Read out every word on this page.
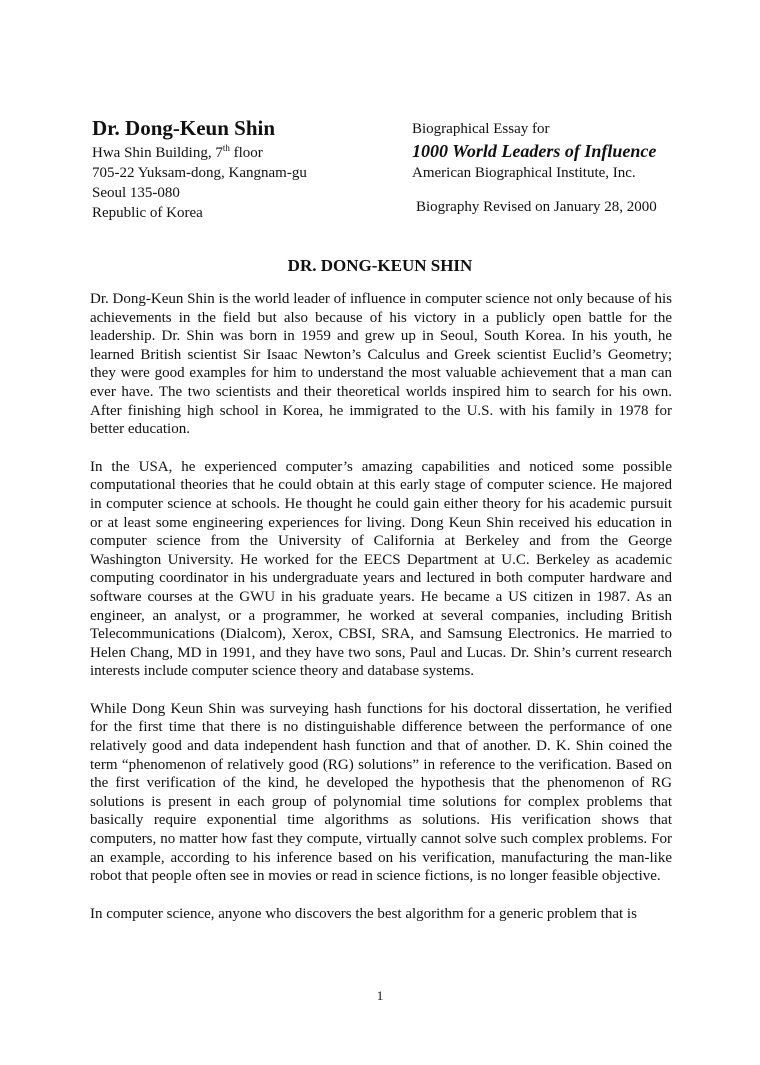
Dr. Dong-Keun Shin
Hwa Shin Building, 7th floor
705-22 Yuksam-dong, Kangnam-gu
Seoul 135-080
Republic of Korea
Biographical Essay for
1000 World Leaders of Influence
American Biographical Institute, Inc.
Biography Revised on January 28, 2000
DR. DONG-KEUN SHIN

Dr. Dong-Keun Shin is the world leader of influence in computer science not only because of his achievements in the field but also because of his victory in a publicly open battle for the leadership. Dr. Shin was born in 1959 and grew up in Seoul, South Korea. In his youth, he learned British scientist Sir Isaac Newton’s Calculus and Greek scientist Euclid’s Geometry; they were good examples for him to understand the most valuable achievement that a man can ever have. The two scientists and their theoretical worlds inspired him to search for his own. After finishing high school in Korea, he immigrated to the U.S. with his family in 1978 for better education.

In the USA, he experienced computer’s amazing capabilities and noticed some possible computational theories that he could obtain at this early stage of computer science. He majored in computer science at schools. He thought he could gain either theory for his academic pursuit or at least some engineering experiences for living. Dong Keun Shin received his education in computer science from the University of California at Berkeley and from the George Washington University. He worked for the EECS Department at U.C. Berkeley as academic computing coordinator in his undergraduate years and lectured in both computer hardware and software courses at the GWU in his graduate years. He became a US citizen in 1987. As an engineer, an analyst, or a programmer, he worked at several companies, including British Telecommunications (Dialcom), Xerox, CBSI, SRA, and Samsung Electronics. He married to Helen Chang, MD in 1991, and they have two sons, Paul and Lucas. Dr. Shin’s current research interests include computer science theory and database systems.

While Dong Keun Shin was surveying hash functions for his doctoral dissertation, he verified for the first time that there is no distinguishable difference between the performance of one relatively good and data independent hash function and that of another. D. K. Shin coined the term “phenomenon of relatively good (RG) solutions” in reference to the verification. Based on the first verification of the kind, he developed the hypothesis that the phenomenon of RG solutions is present in each group of polynomial time solutions for complex problems that basically require exponential time algorithms as solutions. His verification shows that computers, no matter how fast they compute, virtually cannot solve such complex problems. For an example, according to his inference based on his verification, manufacturing the man-like robot that people often see in movies or read in science fictions, is no longer feasible objective.

In computer science, anyone who discovers the best algorithm for a generic problem that is

1
